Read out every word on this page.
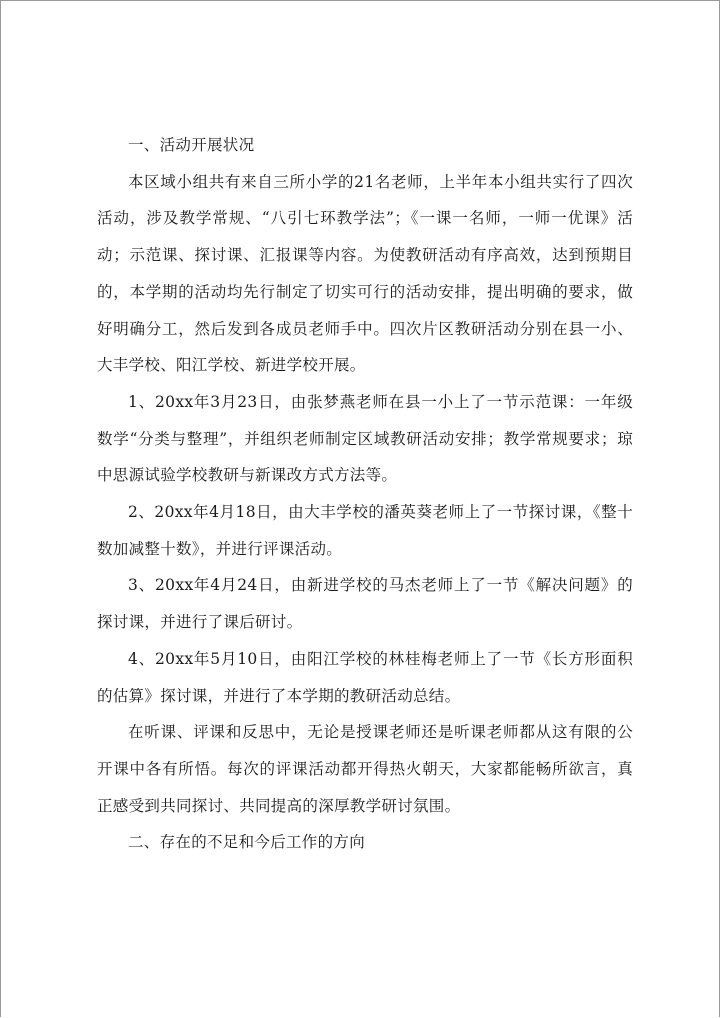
一、活动开展状况

本区域小组共有来自三所小学的21名老师，上半年本小组共实行了四次活动，涉及教学常规、“八引七环教学法”；《一课一名师，一师一优课》活动；示范课、探讨课、汇报课等内容。为使教研活动有序高效，达到预期目的，本学期的活动均先行制定了切实可行的活动安排，提出明确的要求，做好明确分工，然后发到各成员老师手中。四次片区教研活动分别在县一小、大丰学校、阳江学校、新进学校开展。

1、20xx年3月23日，由张梦燕老师在县一小上了一节示范课：一年级数学“分类与整理”，并组织老师制定区域教研活动安排；教学常规要求；琼中思源试验学校教研与新课改方式方法等。

2、20xx年4月18日，由大丰学校的潘英葵老师上了一节探讨课，《整十数加减整十数》，并进行评课活动。

3、20xx年4月24日，由新进学校的马杰老师上了一节《解决问题》的探讨课，并进行了课后研讨。

4、20xx年5月10日，由阳江学校的林桂梅老师上了一节《长方形面积的估算》探讨课，并进行了本学期的教研活动总结。

在听课、评课和反思中，无论是授课老师还是听课老师都从这有限的公开课中各有所悟。每次的评课活动都开得热火朝天，大家都能畅所欲言，真正感受到共同探讨、共同提高的深厚教学研讨氛围。

二、存在的不足和今后工作的方向
